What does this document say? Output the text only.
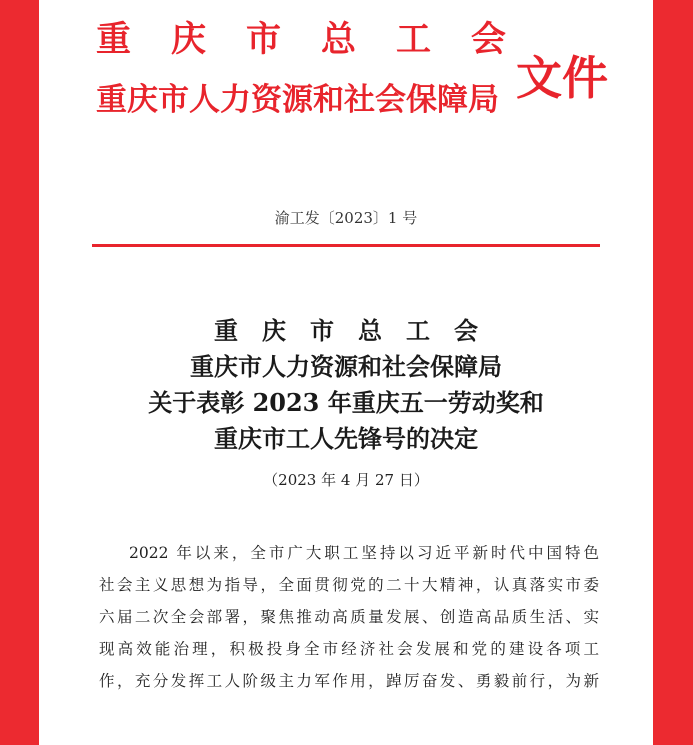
重 庆 市 总 工 会
重庆市人力资源和社会保障局 文件
渝工发〔2023〕1 号
重庆市总工会
重庆市人力资源和社会保障局
关于表彰 2023 年重庆五一劳动奖和
重庆市工人先锋号的决定
（2023 年 4 月 27 日）
2022 年以来，全市广大职工坚持以习近平新时代中国特色
社会主义思想为指导，全面贯彻党的二十大精神，认真落实市委
六届二次全会部署，聚焦推动高质量发展、创造高品质生活、实
现高效能治理，积极投身全市经济社会发展和党的建设各项工
作，充分发挥工人阶级主力军作用，踔厉奋发、勇毅前行，为新
